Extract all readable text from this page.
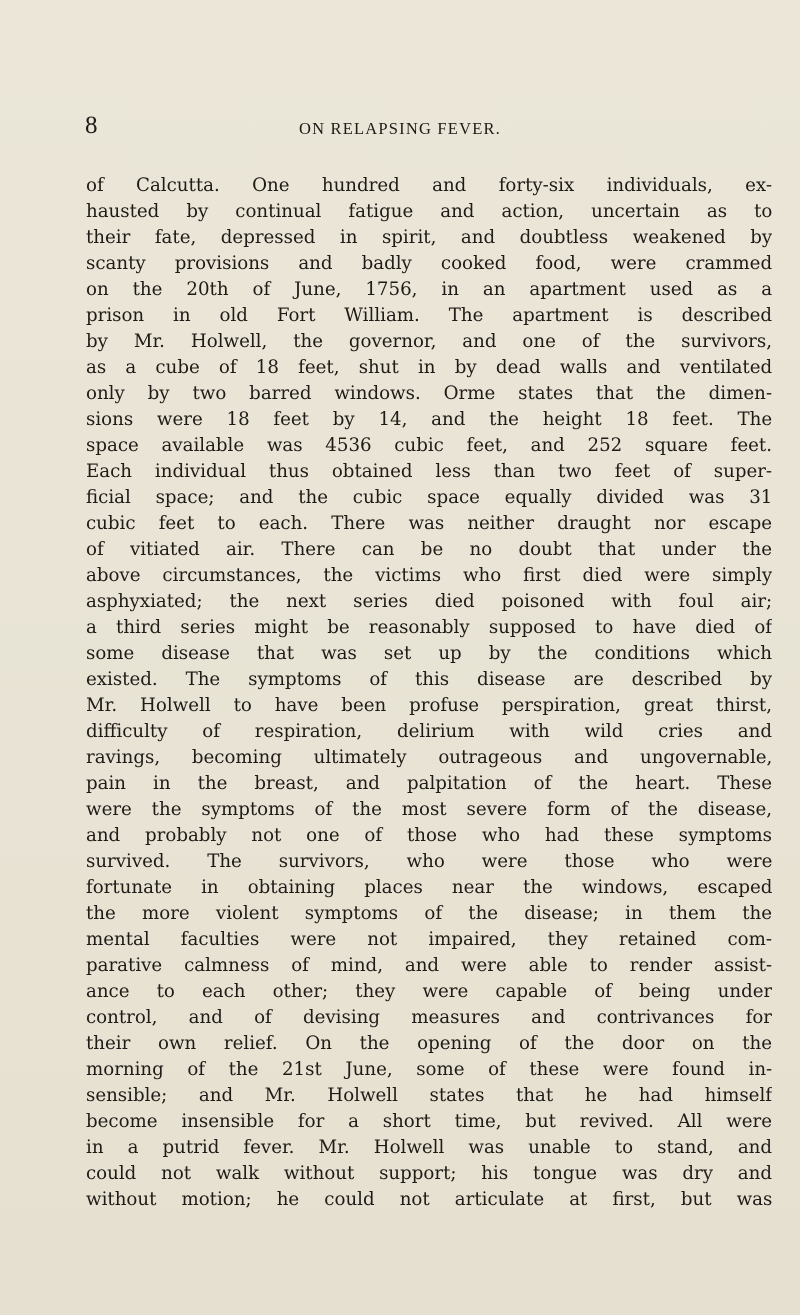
8	ON RELAPSING FEVER.
of Calcutta. One hundred and forty-six individuals, ex-
hausted by continual fatigue and action, uncertain as to
their fate, depressed in spirit, and doubtless weakened by
scanty provisions and badly cooked food, were crammed
on the 20th of June, 1756, in an apartment used as a
prison in old Fort William. The apartment is described
by Mr. Holwell, the governor, and one of the survivors,
as a cube of 18 feet, shut in by dead walls and ventilated
only by two barred windows. Orme states that the dimen-
sions were 18 feet by 14, and the height 18 feet. The
space available was 4536 cubic feet, and 252 square feet.
Each individual thus obtained less than two feet of super-
ficial space; and the cubic space equally divided was 31
cubic feet to each. There was neither draught nor escape
of vitiated air. There can be no doubt that under the
above circumstances, the victims who first died were simply
asphyxiated; the next series died poisoned with foul air;
a third series might be reasonably supposed to have died of
some disease that was set up by the conditions which
existed. The symptoms of this disease are described by
Mr. Holwell to have been profuse perspiration, great thirst,
difficulty of respiration, delirium with wild cries and
ravings, becoming ultimately outrageous and ungovernable,
pain in the breast, and palpitation of the heart. These
were the symptoms of the most severe form of the disease,
and probably not one of those who had these symptoms
survived. The survivors, who were those who were
fortunate in obtaining places near the windows, escaped
the more violent symptoms of the disease; in them the
mental faculties were not impaired, they retained com-
parative calmness of mind, and were able to render assist-
ance to each other; they were capable of being under
control, and of devising measures and contrivances for
their own relief. On the opening of the door on the
morning of the 21st June, some of these were found in-
sensible; and Mr. Holwell states that he had himself
become insensible for a short time, but revived. All were
in a putrid fever. Mr. Holwell was unable to stand, and
could not walk without support; his tongue was dry and
without motion; he could not articulate at first, but was
